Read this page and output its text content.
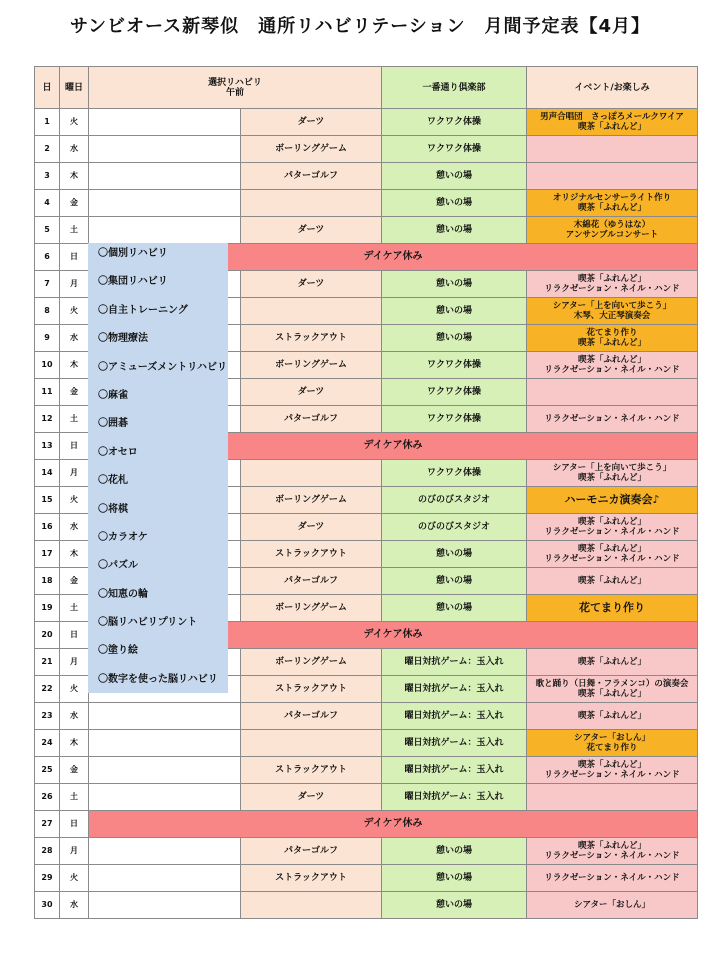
サンビオース新琴似　通所リハビリテーション　月間予定表【4月】
日	曜日	選択リハビリ
午前		一番通り倶楽部	イベント/お楽しみ
1	火		ダーツ	ワクワク体操	男声合唱団　さっぽろメールクワイア
喫茶「ふれんど」

2	水		ボーリングゲーム	ワクワク体操	
3	木		パターゴルフ	憩いの場	
4	金			憩いの場	オリジナルセンサーライト作り
喫茶「ふれんど」

5	土		ダーツ	憩いの場	木綿花（ゆうはな）
アンサンブルコンサート

6	日	デイケア休み			
7	月		ダーツ	憩いの場	喫茶「ふれんど」
リラクゼーション・ネイル・ハンド

8	火			憩いの場	シアター「上を向いて歩こう」
木琴、大正琴演奏会

9	水		ストラックアウト	憩いの場	花てまり作り
喫茶「ふれんど」

10	木		ボーリングゲーム	ワクワク体操	喫茶「ふれんど」
リラクゼーション・ネイル・ハンド

11	金		ダーツ	ワクワク体操	
12	土		パターゴルフ	ワクワク体操	リラクゼーション・ネイル・ハンド

13	日	デイケア休み			
14	月			ワクワク体操	シアター「上を向いて歩こう」
喫茶「ふれんど」

15	火		ボーリングゲーム	のびのびスタジオ	ハーモニカ演奏会♪

16	水		ダーツ	のびのびスタジオ	喫茶「ふれんど」
リラクゼーション・ネイル・ハンド

17	木		ストラックアウト	憩いの場	喫茶「ふれんど」
リラクゼーション・ネイル・ハンド

18	金		パターゴルフ	憩いの場	喫茶「ふれんど」

19	土		ボーリングゲーム	憩いの場	花てまり作り

20	日	デイケア休み			
21	月		ボーリングゲーム	曜日対抗ゲーム：玉入れ	喫茶「ふれんど」

22	火		ストラックアウト	曜日対抗ゲーム：玉入れ	歌と踊り（日舞・フラメンコ）の演奏会
喫茶「ふれんど」

23	水		パターゴルフ	曜日対抗ゲーム：玉入れ	喫茶「ふれんど」

24	木			曜日対抗ゲーム：玉入れ	シアター「おしん」
花てまり作り

25	金		ストラックアウト	曜日対抗ゲーム：玉入れ	喫茶「ふれんど」
リラクゼーション・ネイル・ハンド

26	土		ダーツ	曜日対抗ゲーム：玉入れ	
27	日	デイケア休み			
28	月		パターゴルフ	憩いの場	喫茶「ふれんど」
リラクゼーション・ネイル・ハンド

29	火		ストラックアウト	憩いの場	リラクゼーション・ネイル・ハンド

30	水			憩いの場	シアター「おしん」
〇個別リハビリ
〇集団リハビリ
〇自主トレーニング
〇物理療法
〇アミューズメントリハビリ
〇麻雀
〇囲碁
〇オセロ
〇花札
〇将棋
〇カラオケ
〇パズル
〇知恵の輪
〇脳リハビリプリント
〇塗り絵
〇数字を使った脳リハビリ
